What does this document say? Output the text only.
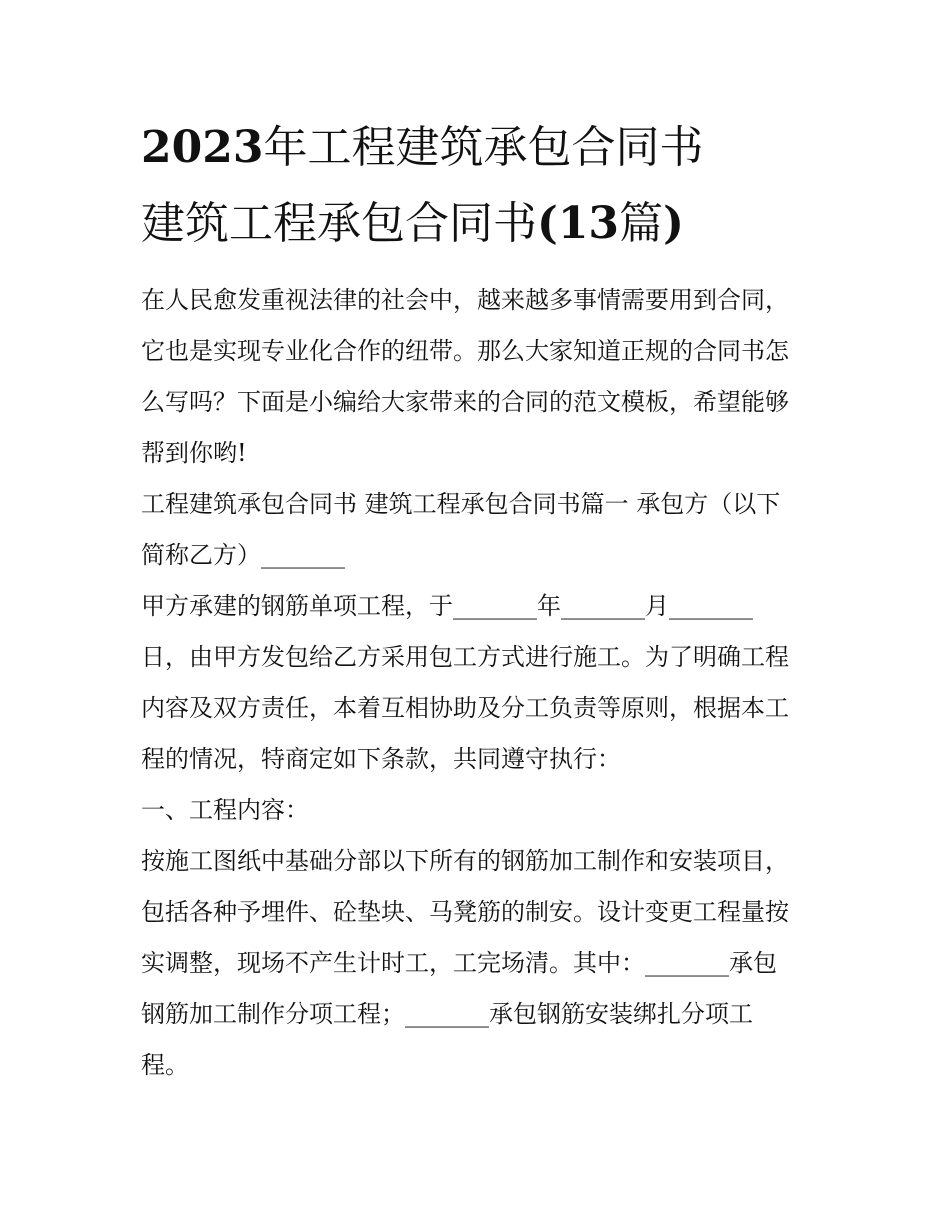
2023年工程建筑承包合同书
建筑工程承包合同书(13篇)

在人民愈发重视法律的社会中，越来越多事情需要用到合同，

它也是实现专业化合作的纽带。那么大家知道正规的合同书怎

么写吗？下面是小编给大家带来的合同的范文模板，希望能够

帮到你哟!

工程建筑承包合同书 建筑工程承包合同书篇一 承包方（以下

简称乙方）_______

甲方承建的钢筋单项工程，于_______年_______月_______

日，由甲方发包给乙方采用包工方式进行施工。为了明确工程

内容及双方责任，本着互相协助及分工负责等原则，根据本工

程的情况，特商定如下条款，共同遵守执行：

一、工程内容：

按施工图纸中基础分部以下所有的钢筋加工制作和安装项目，

包括各种予埋件、砼垫块、马凳筋的制安。设计变更工程量按

实调整，现场不产生计时工，工完场清。其中：_______承包

钢筋加工制作分项工程；_______承包钢筋安装绑扎分项工

程。
